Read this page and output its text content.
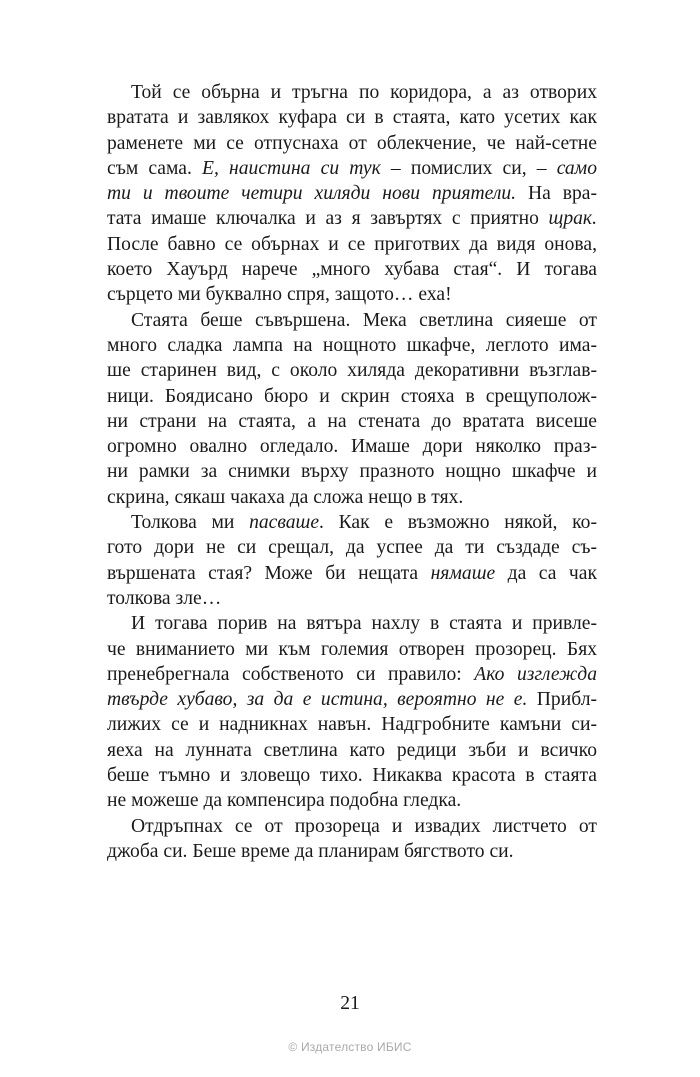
Той се обърна и тръгна по коридора, а аз отворих
вратата и завлякох куфара си в стаята, като усетих как
раменете ми се отпуснаха от облекчение, че най-сетне
съм сама. Е, наистина си тук – помислих си, – само
ти и твоите четири хиляди нови приятели. На вра-
тата имаше ключалка и аз я завъртях с приятно щрак.
После бавно се обърнах и се приготвих да видя онова,
което Хауърд нарече „много хубава стая“. И тогава
сърцето ми буквално спря, защото… еха!
Стаята беше съвършена. Мека светлина сияеше от
много сладка лампа на нощното шкафче, леглото има-
ше старинен вид, с около хиляда декоративни възглав-
ници. Боядисано бюро и скрин стояха в срещуполож-
ни страни на стаята, а на стената до вратата висеше
огромно овално огледало. Имаше дори няколко праз-
ни рамки за снимки върху празното нощно шкафче и
скрина, сякаш чакаха да сложа нещо в тях.
Толкова ми пасваше. Как е възможно някой, ко-
гото дори не си срещал, да успее да ти създаде съ-
вършената стая? Може би нещата нямаше да са чак
толкова зле…
И тогава порив на вятъра нахлу в стаята и привле-
че вниманието ми към големия отворен прозорец. Бях
пренебрегнала собственото си правило: Ако изглежда
твърде хубаво, за да е истина, вероятно не е. Прибл-
лижих се и надникнах навън. Надгробните камъни си-
яеха на лунната светлина като редици зъби и всичко
беше тъмно и зловещо тихо. Никаква красота в стаята
не можеше да компенсира подобна гледка.
Отдръпнах се от прозореца и извадих листчето от
джоба си. Беше време да планирам бягството си.
21
© Издателство ИБИС
